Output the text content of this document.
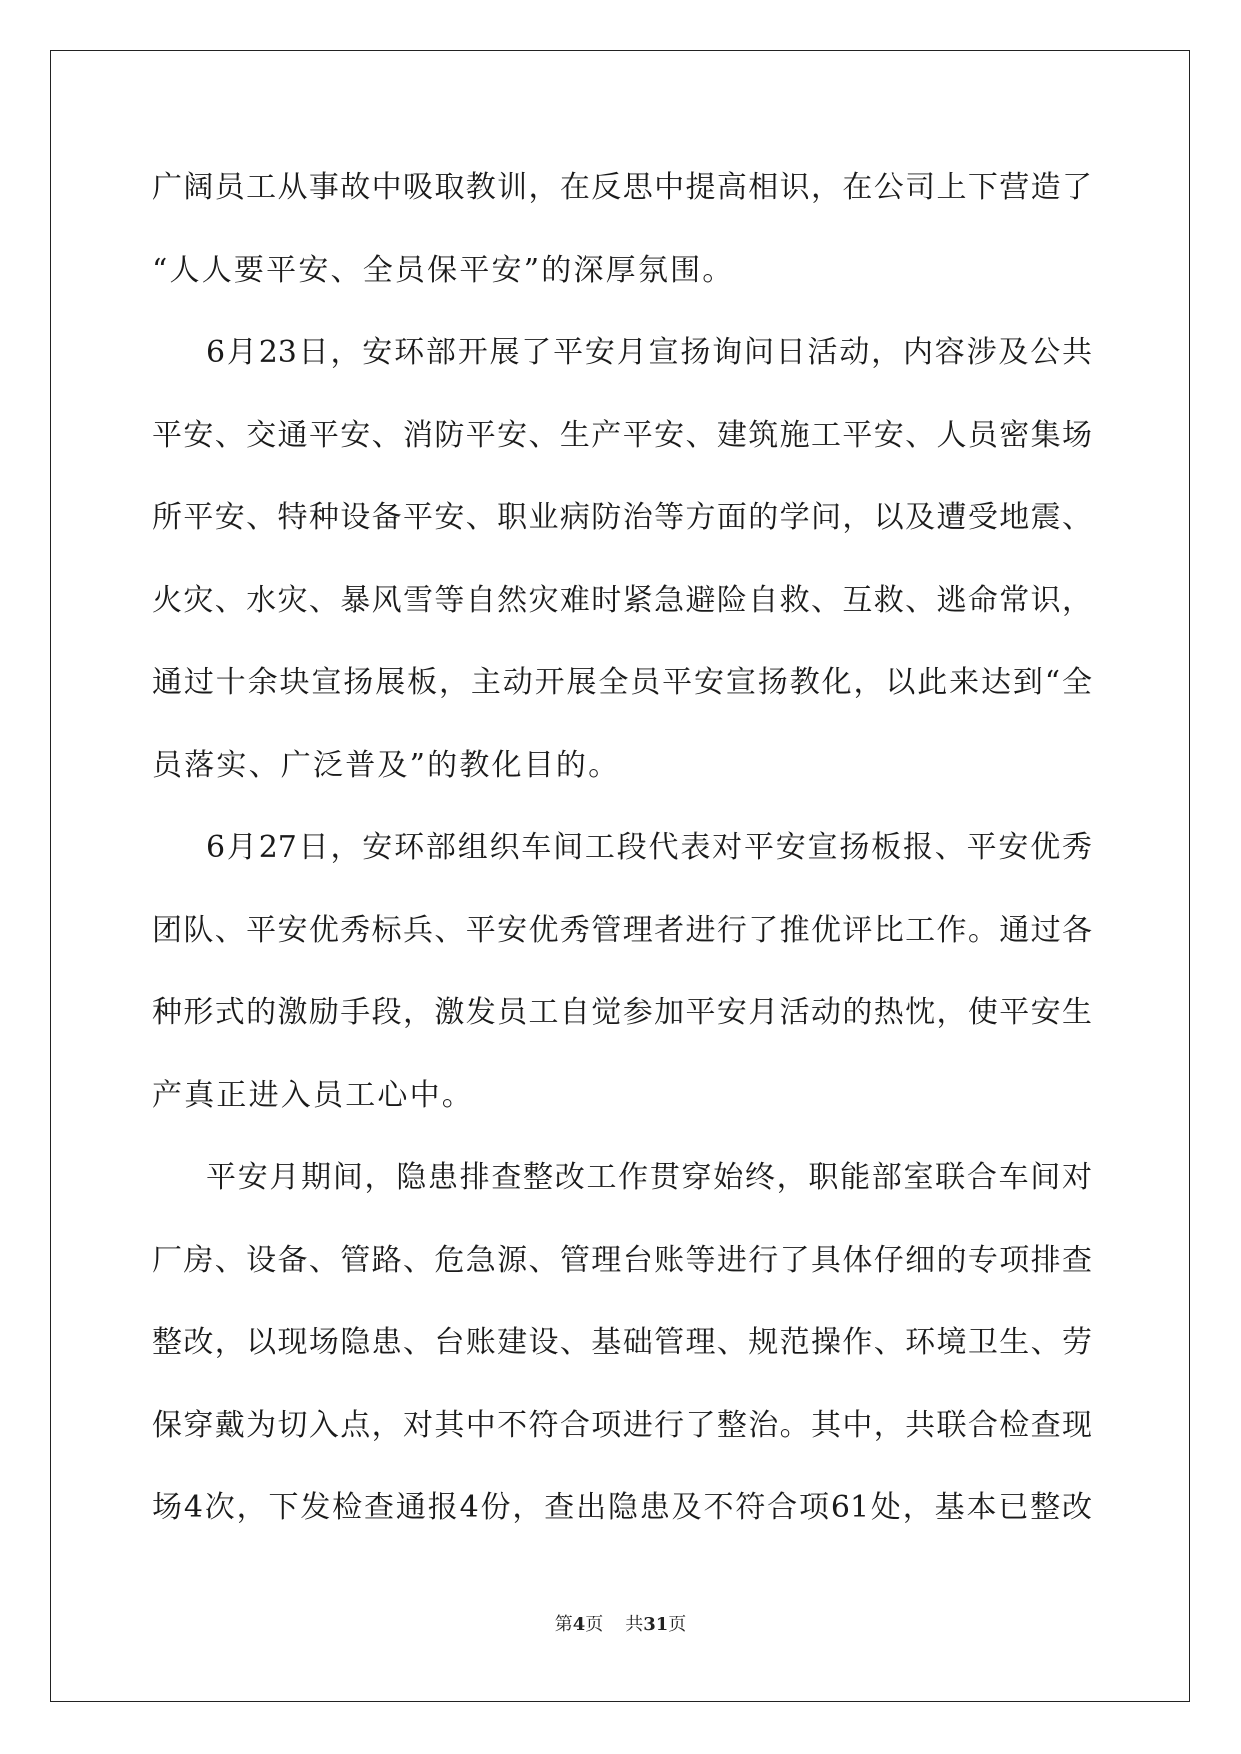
广阔员工从事故中吸取教训，在反思中提高相识，在公司上下营造了
“人人要平安、全员保平安”的深厚氛围。
6月23日，安环部开展了平安月宣扬询问日活动，内容涉及公共
平安、交通平安、消防平安、生产平安、建筑施工平安、人员密集场
所平安、特种设备平安、职业病防治等方面的学问，以及遭受地震、
火灾、水灾、暴风雪等自然灾难时紧急避险自救、互救、逃命常识，
通过十余块宣扬展板，主动开展全员平安宣扬教化，以此来达到“全
员落实、广泛普及”的教化目的。
6月27日，安环部组织车间工段代表对平安宣扬板报、平安优秀
团队、平安优秀标兵、平安优秀管理者进行了推优评比工作。通过各
种形式的激励手段，激发员工自觉参加平安月活动的热忱，使平安生
产真正进入员工心中。
平安月期间，隐患排查整改工作贯穿始终，职能部室联合车间对
厂房、设备、管路、危急源、管理台账等进行了具体仔细的专项排查
整改，以现场隐患、台账建设、基础管理、规范操作、环境卫生、劳
保穿戴为切入点，对其中不符合项进行了整治。其中，共联合检查现
场4次，下发检查通报4份，查出隐患及不符合项61处，基本已整改
第4页 共31页
